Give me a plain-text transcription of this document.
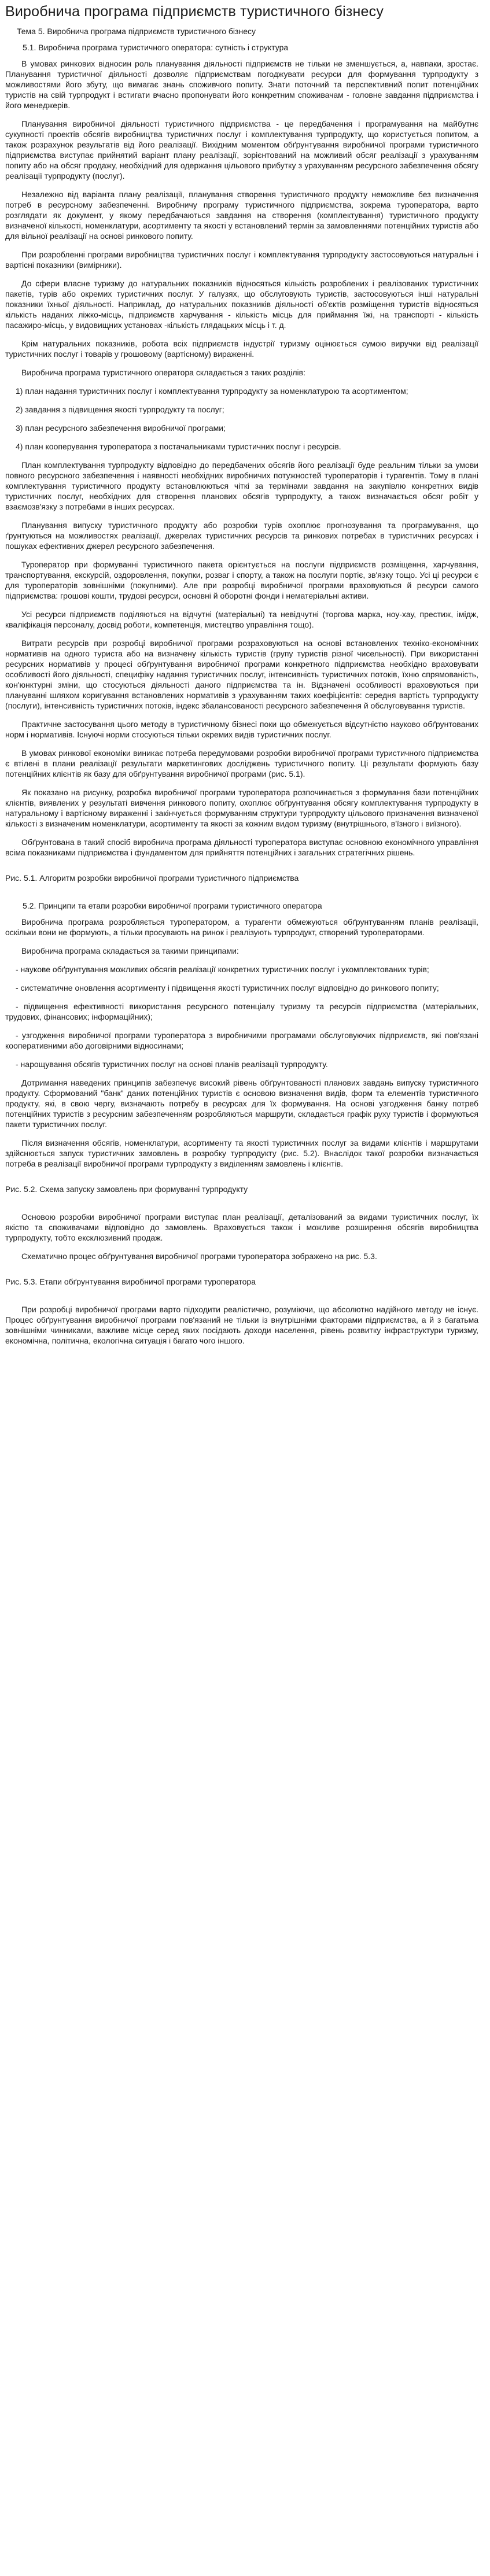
Виробнича програма підприємств туристичного бізнесу
Тема 5. Виробнича програма підприємств туристичного бізнесу
5.1. Виробнича програма туристичного оператора: сутність і структура

В умовах ринкових відносин роль планування діяльності підприємств не тільки не зменшується, а, навпаки, зростає. Планування туристичної діяльності дозволяє підприємствам погоджувати ресурси для формування турпродукту з можливостями його збуту, що вимагає знань споживчого попиту. Знати поточний та перспективний попит потенційних туристів на свій турпродукт і встигати вчасно пропонувати його конкретним споживачам - головне завдання підприємства і його менеджерів.

Планування виробничої діяльності туристичного підприємства - це передбачення і програмування на майбутнє сукупності проектів обсягів виробництва туристичних послуг і комплектування турпродукту, що користується попитом, а також розрахунок результатів від його реалізації. Вихідним моментом обґрунтування виробничої програми туристичного підприємства виступає прийнятий варіант плану реалізації, зорієнтований на можливий обсяг реалізації з урахуванням попиту або на обсяг продажу, необхідний для одержання цільового прибутку з урахуванням ресурсного забезпечення обсягу реалізації турпродукту (послуг).

Незалежно від варіанта плану реалізації, планування створення туристичного продукту неможливе без визначення потреб в ресурсному забезпеченні. Виробничу програму туристичного підприємства, зокрема туроператора, варто розглядати як документ, у якому передбачаються завдання на створення (комплектування) туристичного продукту визначеної кількості, номенклатури, асортименту та якості у встановлений термін за замовленнями потенційних туристів або для вільної реалізації на основі ринкового попиту.

При розробленні програми виробництва туристичних послуг і комплектування турпродукту застосовуються натуральні і вартісні показники (вимірники).

До сфери власне туризму до натуральних показників відносяться кількість розроблених і реалізованих туристичних пакетів, турів або окремих туристичних послуг. У галузях, що обслуговують туристів, застосовуються інші натуральні показники їхньої діяльності. Наприклад, до натуральних показників діяльності об'єктів розміщення туристів відносяться кількість наданих ліжко-місць, підприємств харчування - кількість місць для приймання їжі, на транспорті - кількість пасажиро-місць, у видовищних установах -кількість глядацьких місць і т. д.

Крім натуральних показників, робота всіх підприємств індустрії туризму оцінюється сумою виручки від реалізації туристичних послуг і товарів у грошовому (вартісному) вираженні.

Виробнича програма туристичного оператора складається з таких розділів:

1) план надання туристичних послуг і комплектування турпродукту за номенклатурою та асортиментом;

2) завдання з підвищення якості турпродукту та послуг;

3) план ресурсного забезпечення виробничої програми;

4) план кооперування туроператора з постачальниками туристичних послуг і ресурсів.

План комплектування турпродукту відповідно до передбачених обсягів його реалізації буде реальним тільки за умови повного ресурсного забезпечення і наявності необхідних виробничих потужностей туроператорів і турагентів. Тому в плані комплектування туристичного продукту встановлюються чіткі за термінами завдання на закупівлю конкретних видів туристичних послуг, необхідних для створення планових обсягів турпродукту, а також визначається обсяг робіт у взаємозв'язку з потребами в інших ресурсах.

Планування випуску туристичного продукту або розробки турів охоплює прогнозування та програмування, що ґрунтуються на можливостях реалізації, джерелах туристичних ресурсів та ринкових потребах в туристичних ресурсах і пошуках ефективних джерел ресурсного забезпечення.

Туроператор при формуванні туристичного пакета орієнтується на послуги підприємств розміщення, харчування, транспортування, екскурсій, оздоровлення, покупки, розваг і спорту, а також на послуги портіє, зв'язку тощо. Усі ці ресурси є для туроператорів зовнішніми (покупними). Але при розробці виробничої програми враховуються й ресурси самого підприємства: грошові кошти, трудові ресурси, основні й оборотні фонди і нематеріальні активи.

Усі ресурси підприємств поділяються на відчутні (матеріальні) та невідчутні (торгова марка, ноу-хау, престиж, імідж, кваліфікація персоналу, досвід роботи, компетенція, мистецтво управління тощо).

Витрати ресурсів при розробці виробничої програми розраховуються на основі встановлених техніко-економічних нормативів на одного туриста або на визначену кількість туристів (групу туристів різної чисельності). При використанні ресурсних нормативів у процесі обґрунтування виробничої програми конкретного підприємства необхідно враховувати особливості його діяльності, специфіку надання туристичних послуг, інтенсивність туристичних потоків, їхню спрямованість, кон'юнктурні зміни, що стосуються діяльності даного підприємства та ін. Відзначені особливості враховуються при плануванні шляхом коригування встановлених нормативів з урахуванням таких коефіцієнтів: середня вартість турпродукту (послуги), інтенсивність туристичних потоків, індекс збалансованості ресурсного забезпечення й обслуговування туристів.

Практичне застосування цього методу в туристичному бізнесі поки що обмежується відсутністю науково обґрунтованих норм і нормативів. Існуючі норми стосуються тільки окремих видів туристичних послуг.

В умовах ринкової економіки виникає потреба передумовами розробки виробничої програми туристичного підприємства є втілені в плани реалізації результати маркетингових досліджень туристичного попиту. Ці результати формують базу потенційних клієнтів як базу для обґрунтування виробничої програми (рис. 5.1).

Як показано на рисунку, розробка виробничої програми туроператора розпочинається з формування бази потенційних клієнтів, виявлених у результаті вивчення ринкового попиту, охоплює обґрунтування обсягу комплектування турпродукту в натуральному і вартісному вираженні і закінчується формуванням структури турпродукту цільового призначення визначеної кількості з визначеним номенклатури, асортименту та якості за кожним видом туризму (внутрішнього, в'їзного і виїзного).

Обґрунтована в такий спосіб виробнича програма діяльності туроператора виступає основною економічного управління всіма показниками підприємства і фундаментом для прийняття потенційних і загальних стратегічних рішень.

Рис. 5.1. Алгоритм розробки виробничої програми туристичного підприємства

5.2. Принципи та етапи розробки виробничої програми туристичного оператора

Виробнича програма розробляється туроператором, а турагенти обмежуються обґрунтуванням планів реалізації, оскільки вони не формують, а тільки просувають на ринок і реалізують турпродукт, створений туроператорами.

Виробнича програма складається за такими принципами:

- наукове обґрунтування можливих обсягів реалізації конкретних туристичних послуг і укомплектованих турів;

- систематичне оновлення асортименту і підвищення якості туристичних послуг відповідно до ринкового попиту;

- підвищення ефективності використання ресурсного потенціалу туризму та ресурсів підприємства (матеріальних, трудових, фінансових; інформаційних);

- узгодження виробничої програми туроператора з виробничими програмами обслуговуючих підприємств, які пов'язані кооперативними або договірними відносинами;

- нарощування обсягів туристичних послуг на основі планів реалізації турпродукту.

Дотримання наведених принципів забезпечує високий рівень обґрунтованості планових завдань випуску туристичного продукту. Сформований "банк" даних потенційних туристів є основою визначення видів, форм та елементів туристичного продукту, які, в свою чергу, визначають потребу в ресурсах для їх формування. На основі узгодження банку потреб потенційних туристів з ресурсним забезпеченням розробляються маршрути, складається графік руху туристів і формуються пакети туристичних послуг.

Після визначення обсягів, номенклатури, асортименту та якості туристичних послуг за видами клієнтів і маршрутами здійснюється запуск туристичних замовлень в розробку турпродукту (рис. 5.2). Внаслідок такої розробки визначається потреба в реалізації виробничої програми турпродукту з виділенням замовлень і клієнтів.

Рис. 5.2. Схема запуску замовлень при формуванні турпродукту

Основою розробки виробничої програми виступає план реалізації, деталізований за видами туристичних послуг, їх якістю та споживачами відповідно до замовлень. Враховується також і можливе розширення обсягів виробництва турпродукту, тобто ексклюзивний продаж.

Схематично процес обґрунтування виробничої програми туроператора зображено на рис. 5.3.

Рис. 5.3. Етапи обґрунтування виробничої програми туроператора

При розробці виробничої програми варто підходити реалістично, розуміючи, що абсолютно надійного методу не існує. Процес обґрунтування виробничої програми пов'язаний не тільки із внутрішніми факторами підприємства, а й з багатьма зовнішніми чинниками, важливе місце серед яких посідають доходи населення, рівень розвитку інфраструктури туризму, економічна, політична, екологічна ситуація і багато чого іншого.
